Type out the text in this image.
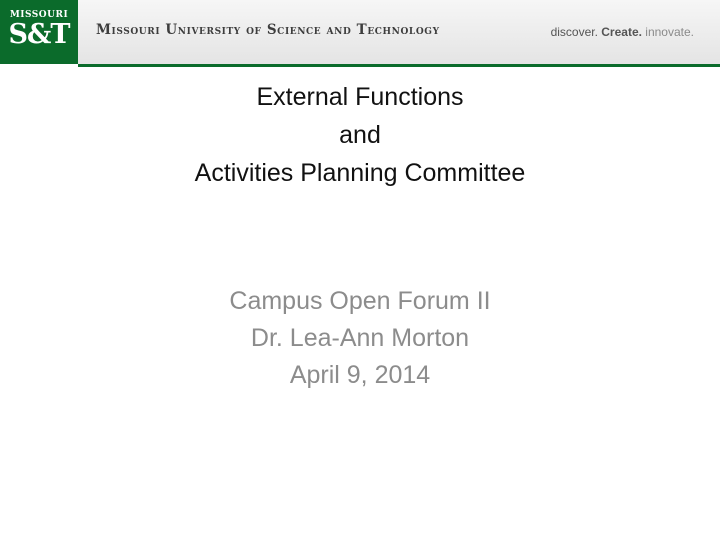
MISSOURI
S&T	Missouri University of Science and Technology	discover. Create. innovate.
External Functions
and
Activities Planning Committee
Campus Open Forum II
Dr. Lea-Ann Morton
April 9, 2014
